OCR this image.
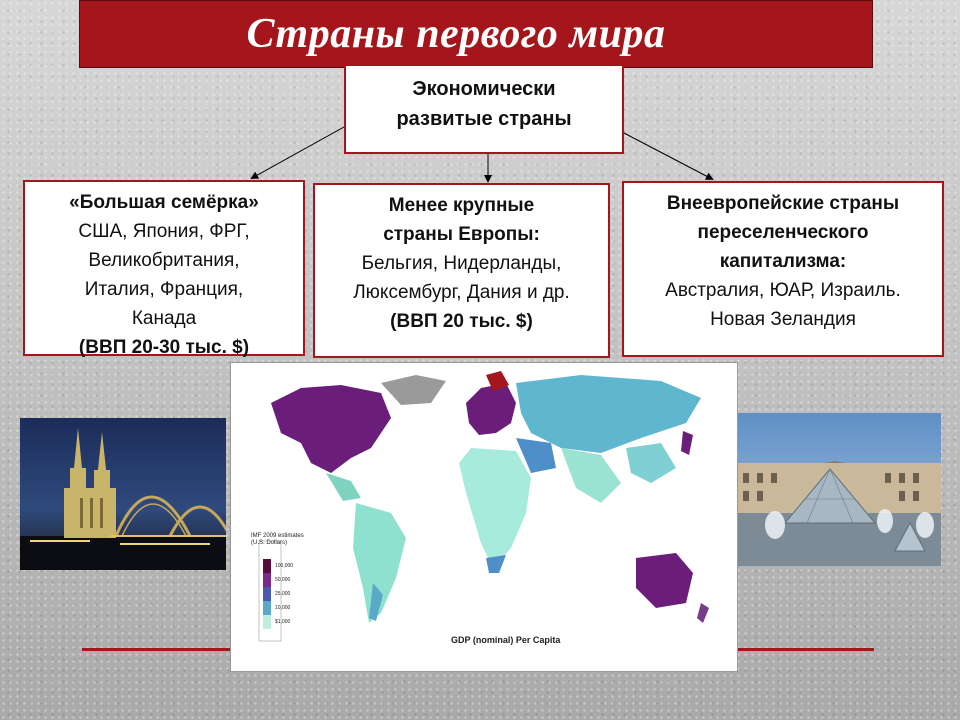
Страны первого мира
Экономически
развитые страны
«Большая семёрка»
США, Япония, ФРГ,
Великобритания,
Италия, Франция,
Канада
(ВВП 20-30 тыс. $)
Менее крупные
страны Европы:
Бельгия, Нидерланды,
Люксембург, Дания и др.
(ВВП 20 тыс. $)
Внеевропейские страны
переселенческого
капитализма:
Австралия, ЮАР, Израиль.
Новая Зеландия
GDP (nominal) Per Capita
IMF 2009 estimates (U.S. Dollars)
100,000
50,000
25,000
10,000
$1,000
